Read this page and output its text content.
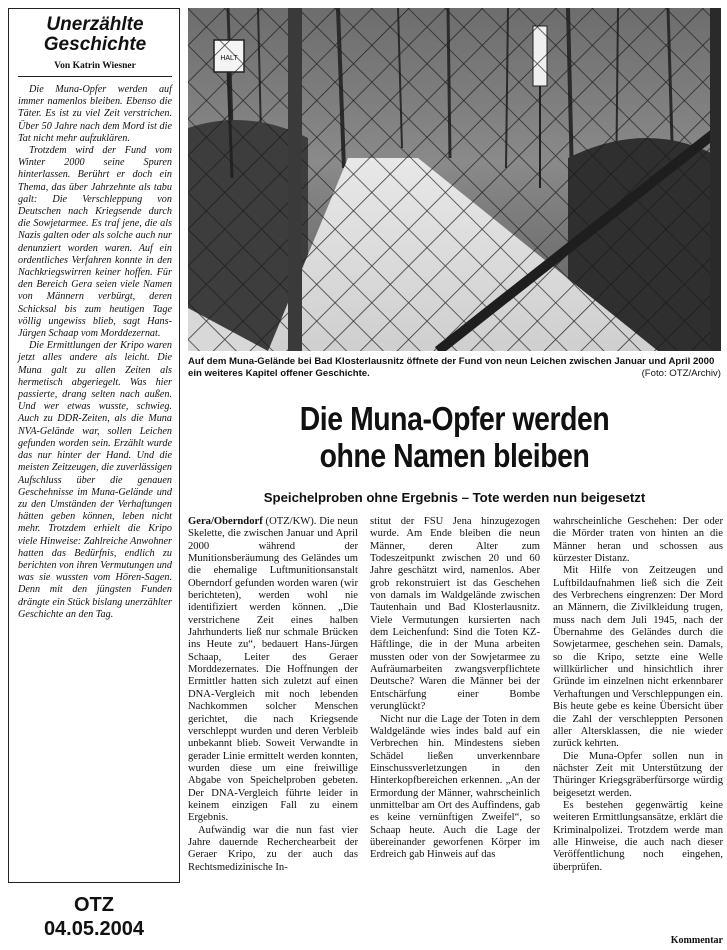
Unerzählte
Geschichte
Von Katrin Wiesner

Die Muna-Opfer werden auf immer namenlos bleiben. Ebenso die Täter. Es ist zu viel Zeit verstrichen. Über 50 Jahre nach dem Mord ist die Tat nicht mehr aufzuklären.

Trotzdem wird der Fund vom Winter 2000 seine Spuren hinterlassen. Berührt er doch ein Thema, das über Jahrzehnte als tabu galt: Die Verschleppung von Deutschen nach Kriegsende durch die Sowjetarmee. Es traf jene, die als Nazis galten oder als solche auch nur denunziert worden waren. Auf ein ordentliches Verfahren konnte in den Nachkriegswirren keiner hoffen. Für den Bereich Gera seien viele Namen von Männern verbürgt, deren Schicksal bis zum heutigen Tage völlig ungewiss blieb, sagt Hans-Jürgen Schaap vom Morddezernat.

Die Ermittlungen der Kripo waren jetzt alles andere als leicht. Die Muna galt zu allen Zeiten als hermetisch abgeriegelt. Was hier passierte, drang selten nach außen. Und wer etwas wusste, schwieg. Auch zu DDR-Zeiten, als die Muna NVA-Gelände war, sollen Leichen gefunden worden sein. Erzählt wurde das nur hinter der Hand. Und die meisten Zeitzeugen, die zuverlässigen Aufschluss über die genauen Geschehnisse im Muna-Gelände und zu den Umständen der Verhaftungen hätten geben können, leben nicht mehr. Trotzdem erhielt die Kripo viele Hinweise: Zahlreiche Anwohner hatten das Bedürfnis, endlich zu berichten von ihren Vermutungen und was sie wussten vom Hören-Sagen. Denn mit den jüngsten Funden drängte ein Stück bislang unerzählter Geschichte an den Tag.

OTZ
04.05.2004
Auf dem Muna-Gelände bei Bad Klosterlausnitz öffnete der Fund von neun Leichen zwischen Januar und April 2000 ein weiteres Kapitel offener Geschichte.	(Foto: OTZ/Archiv)
Die Muna-Opfer werden
ohne Namen bleiben
Speichelproben ohne Ergebnis – Tote werden nun beigesetzt

Gera/Oberndorf (OTZ/KW). Die neun Skelette, die zwischen Januar und April 2000 während der Munitionsberäumung des Geländes um die ehemalige Luftmunitionsanstalt Oberndorf gefunden worden waren (wir berichteten), werden wohl nie identifiziert werden können. „Die verstrichene Zeit eines halben Jahrhunderts ließ nur schmale Brücken ins Heute zu“, bedauert Hans-Jürgen Schaap, Leiter des Geraer Morddezernates. Die Hoffnungen der Ermittler hatten sich zuletzt auf einen DNA-Vergleich mit noch lebenden Nachkommen solcher Menschen gerichtet, die nach Kriegsende verschleppt wurden und deren Verbleib unbekannt blieb. Soweit Verwandte in gerader Linie ermittelt werden konnten, wurden diese um eine freiwillige Abgabe von Speichelproben gebeten. Der DNA-Vergleich führte leider in keinem einzigen Fall zu einem Ergebnis.

Aufwändig war die nun fast vier Jahre dauernde Recherchearbeit der Geraer Kripo, zu der auch das Rechtsmedizinische In-

stitut der FSU Jena hinzugezogen wurde. Am Ende bleiben die neun Männer, deren Alter zum Todeszeitpunkt zwischen 20 und 60 Jahre geschätzt wird, namenlos. Aber grob rekonstruiert ist das Geschehen von damals im Waldgelände zwischen Tautenhain und Bad Klosterlausnitz. Viele Vermutungen kursierten nach dem Leichenfund: Sind die Toten KZ-Häftlinge, die in der Muna arbeiten mussten oder von der Sowjetarmee zu Aufräumarbeiten zwangsverpflichtete Deutsche? Waren die Männer bei der Entschärfung einer Bombe verunglückt?

Nicht nur die Lage der Toten in dem Waldgelände wies indes bald auf ein Verbrechen hin. Mindestens sieben Schädel ließen unverkennbare Einschussverletzungen in den Hinterkopfbereichen erkennen. „An der Ermordung der Männer, wahrscheinlich unmittelbar am Ort des Auffindens, gab es keine vernünftigen Zweifel“, so Schaap heute. Auch die Lage der übereinander geworfenen Körper im Erdreich gab Hinweis auf das

wahrscheinliche Geschehen: Der oder die Mörder traten von hinten an die Männer heran und schossen aus kürzester Distanz.

Mit Hilfe von Zeitzeugen und Luftbildaufnahmen ließ sich die Zeit des Verbrechens eingrenzen: Der Mord an Männern, die Zivilkleidung trugen, muss nach dem Juli 1945, nach der Übernahme des Geländes durch die Sowjetarmee, geschehen sein. Damals, so die Kripo, setzte eine Welle willkürlicher und hinsichtlich ihrer Gründe im einzelnen nicht erkennbarer Verhaftungen und Verschleppungen ein. Bis heute gebe es keine Übersicht über die Zahl der verschleppten Personen aller Altersklassen, die nie wieder zurück kehrten.

Die Muna-Opfer sollen nun in nächster Zeit mit Unterstützung der Thüringer Kriegsgräberfürsorge würdig beigesetzt werden.

Es bestehen gegenwärtig keine weiteren Ermittlungsansätze, erklärt die Kriminalpolizei. Trotzdem werde man alle Hinweise, die auch nach dieser Veröffentlichung noch eingehen, überprüfen.

Kommentar
